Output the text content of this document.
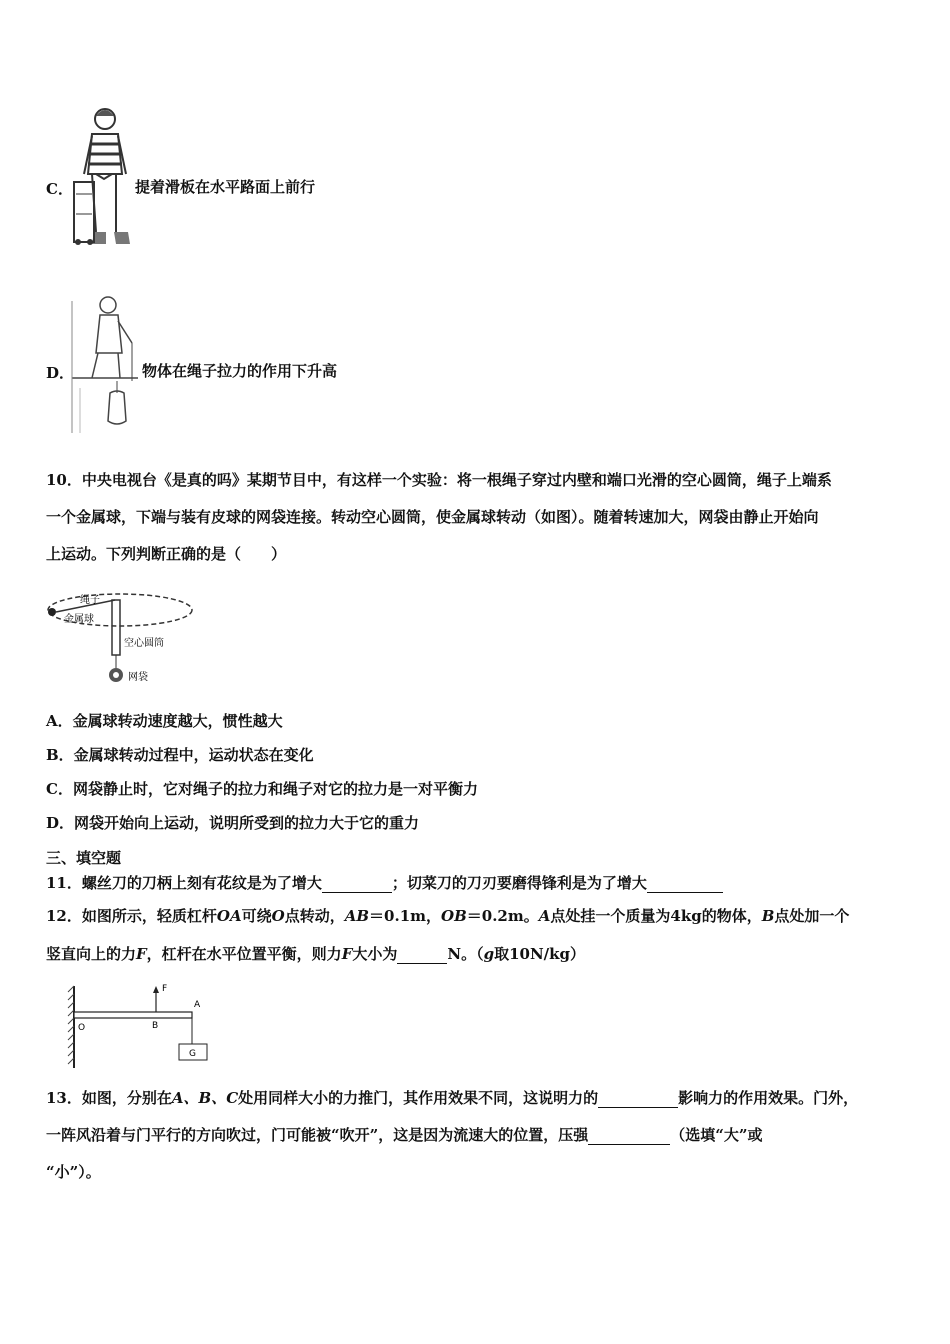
C．	提着滑板在水平路面上前行
D．	物体在绳子拉力的作用下升高
10．中央电视台《是真的吗》某期节目中，有这样一个实验：将一根绳子穿过内壁和端口光滑的空心圆筒，绳子上端系
一个金属球，下端与装有皮球的网袋连接。转动空心圆筒，使金属球转动（如图）。随着转速加大，网袋由静止开始向
上运动。下列判断正确的是（　　）
绳子
金属球
空心圆筒
网袋
A．金属球转动速度越大，惯性越大
B．金属球转动过程中，运动状态在变化
C．网袋静止时，它对绳子的拉力和绳子对它的拉力是一对平衡力
D．网袋开始向上运动，说明所受到的拉力大于它的重力
三、填空题
11．螺丝刀的刀柄上刻有花纹是为了增大	；切菜刀的刀刃要磨得锋利是为了增大
12．如图所示，轻质杠杆OA可绕O点转动，AB＝0.1m，OB＝0.2m。A点处挂一个质量为4kg的物体，B点处加一个
竖直向上的力F，杠杆在水平位置平衡，则力F大小为	N。（g取10N/kg）
F
A
O	B
G
13．如图，分别在A、B、C处用同样大小的力推门，其作用效果不同，这说明力的	影响力的作用效果。门外，
一阵风沿着与门平行的方向吹过，门可能被“吹开”，这是因为流速大的位置，压强	（选填“大”或
“小”）。
